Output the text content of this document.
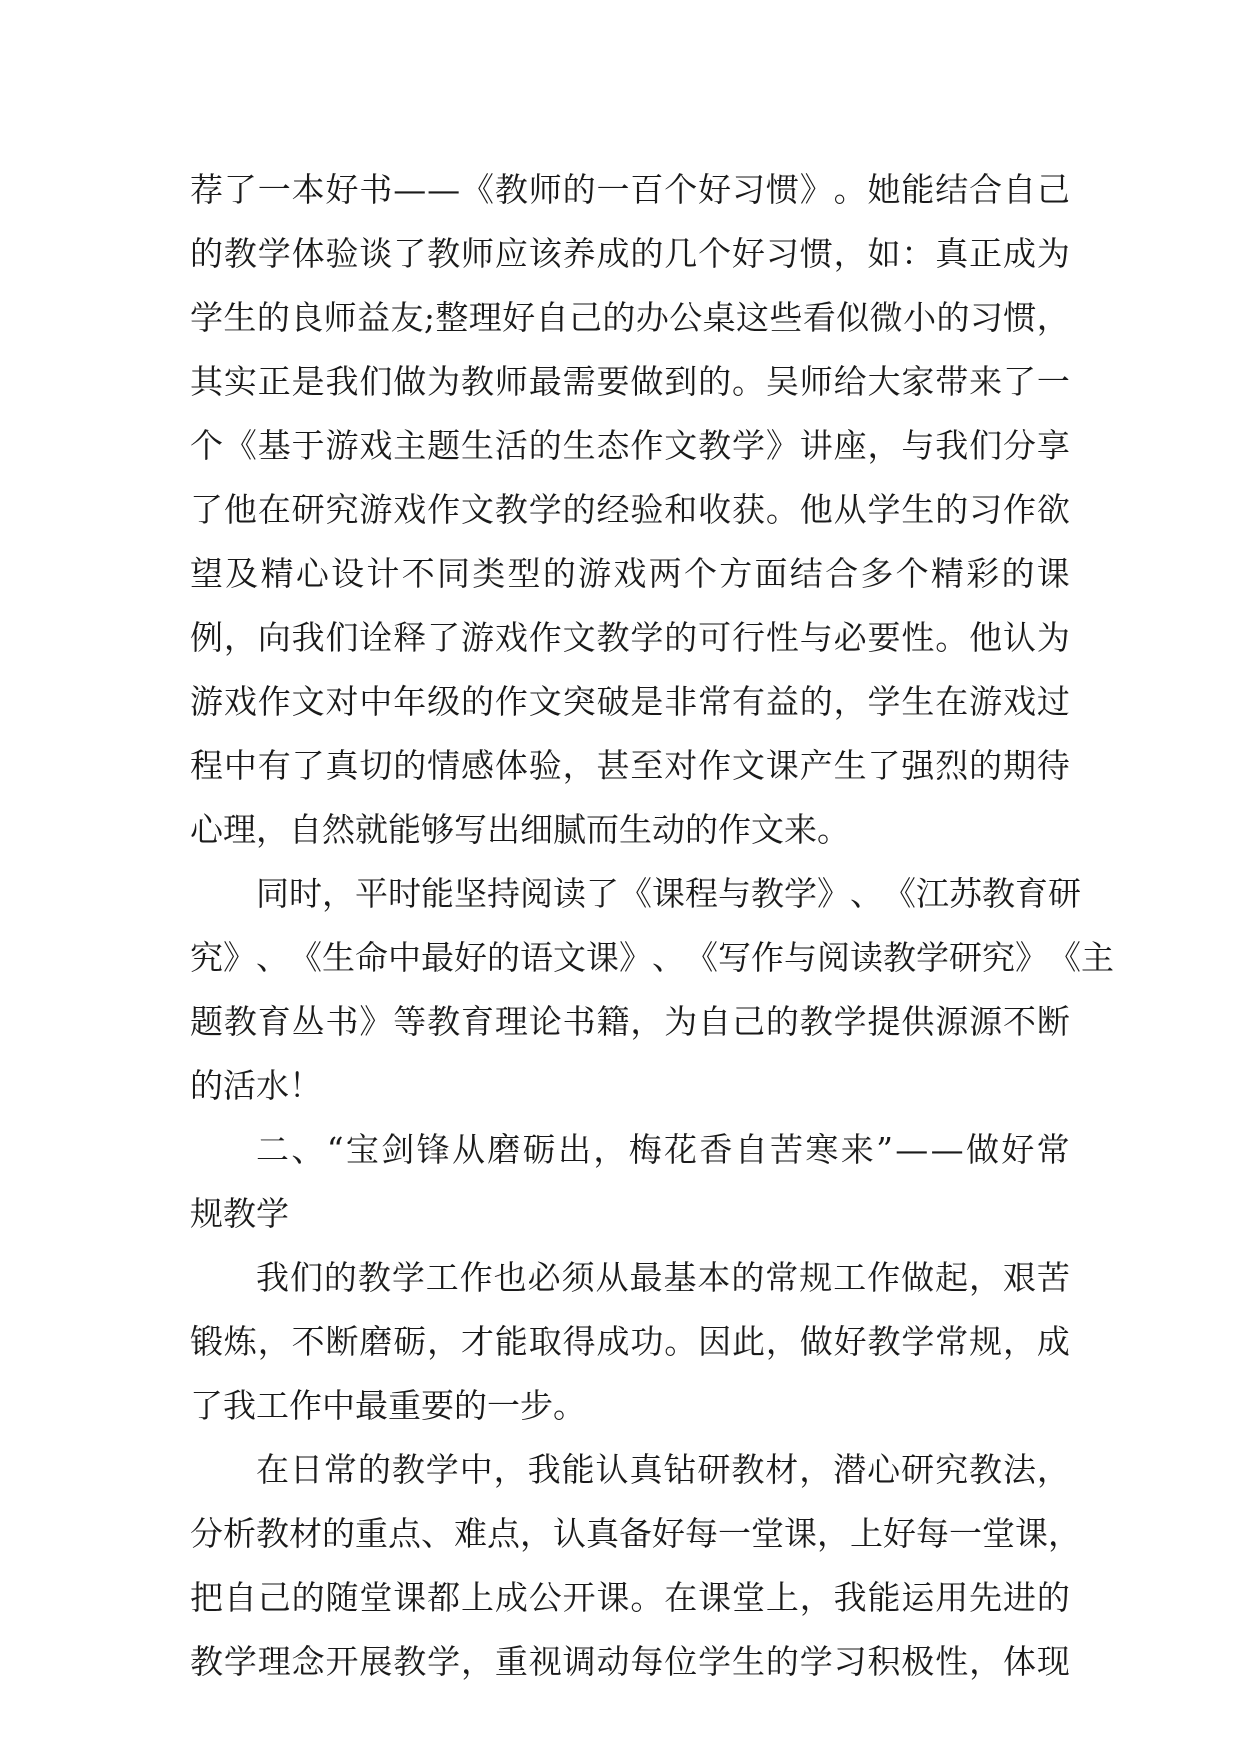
荐 了 一 本 好 书 — — 《 教 师 的 一 百 个 好 习 惯 》 。 她 能 结 合 自 己
的 教 学 体 验 谈 了 教 师 应 该 养 成 的 几 个 好 习 惯 ， 如 ： 真 正 成 为
学 生 的 良 师 益 友 ; 整 理 好 自 己 的 办 公 桌 这 些 看 似 微 小 的 习 惯 ，
其 实 正 是 我 们 做 为 教 师 最 需 要 做 到 的 。 吴 师 给 大 家 带 来 了 一
个 《 基 于 游 戏 主 题 生 活 的 生 态 作 文 教 学 》 讲 座 ， 与 我 们 分 享
了 他 在 研 究 游 戏 作 文 教 学 的 经 验 和 收 获 。 他 从 学 生 的 习 作 欲
望 及 精 心 设 计 不 同 类 型 的 游 戏 两 个 方 面 结 合 多 个 精 彩 的 课
例 ， 向 我 们 诠 释 了 游 戏 作 文 教 学 的 可 行 性 与 必 要 性 。 他 认 为
游 戏 作 文 对 中 年 级 的 作 文 突 破 是 非 常 有 益 的 ， 学 生 在 游 戏 过
程 中 有 了 真 切 的 情 感 体 验 ， 甚 至 对 作 文 课 产 生 了 强 烈 的 期 待
心理，自然就能够写出细腻而生动的作文来。
同 时 ， 平 时 能 坚 持 阅 读 了 《 课 程 与 教 学 》 、 《 江 苏 教 育 研
究 》 、 《 生 命 中 最 好 的 语 文 课 》 、 《 写 作 与 阅 读 教 学 研 究 》 《 主
题 教 育 丛 书 》 等 教 育 理 论 书 籍 ， 为 自 己 的 教 学 提 供 源 源 不 断
的活水！
二 、 “ 宝 剑 锋 从 磨 砺 出 ， 梅 花 香 自 苦 寒 来 ” — — 做 好 常
规教学
我 们 的 教 学 工 作 也 必 须 从 最 基 本 的 常 规 工 作 做 起 ， 艰 苦
锻 炼 ， 不 断 磨 砺 ， 才 能 取 得 成 功 。 因 此 ， 做 好 教 学 常 规 ， 成
了我工作中最重要的一步。
在 日 常 的 教 学 中 ， 我 能 认 真 钻 研 教 材 ， 潜 心 研 究 教 法 ，
分 析 教 材 的 重 点 、 难 点 ， 认 真 备 好 每 一 堂 课 ， 上 好 每 一 堂 课 ，
把 自 己 的 随 堂 课 都 上 成 公 开 课 。 在 课 堂 上 ， 我 能 运 用 先 进 的
教 学 理 念 开 展 教 学 ， 重 视 调 动 每 位 学 生 的 学 习 积 极 性 ， 体 现
